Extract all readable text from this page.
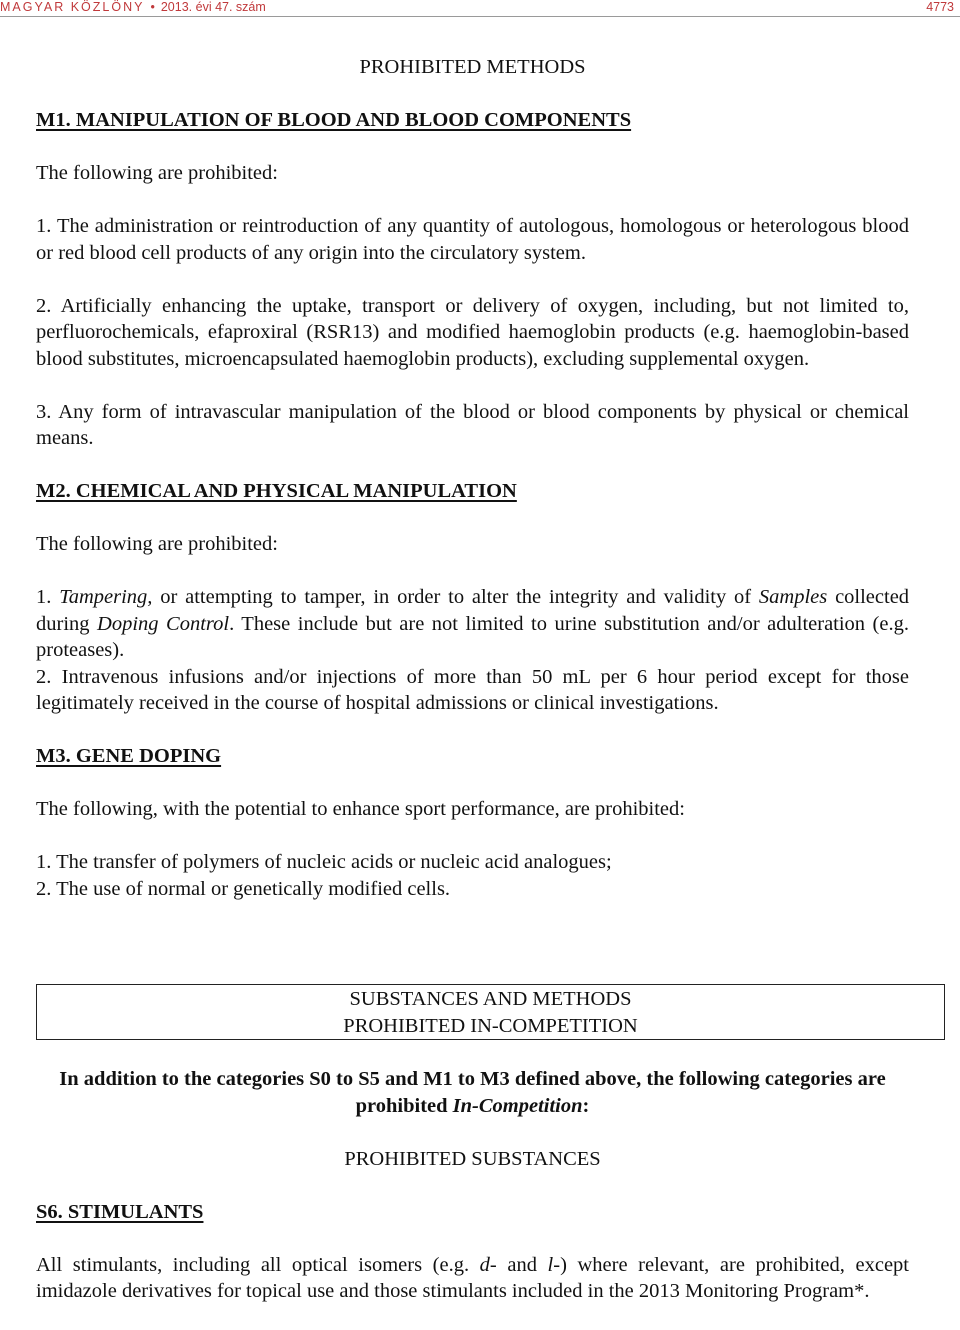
MAGYAR KÖZLÖNY • 2013. évi 47. szám	4773

PROHIBITED METHODS

M1. MANIPULATION OF BLOOD AND BLOOD COMPONENTS

The following are prohibited:

1. The administration or reintroduction of any quantity of autologous, homologous or heterologous blood or red blood cell products of any origin into the circulatory system.

2. Artificially enhancing the uptake, transport or delivery of oxygen, including, but not limited to, perfluorochemicals, efaproxiral (RSR13) and modified haemoglobin products (e.g. haemoglobin-based blood substitutes, microencapsulated haemoglobin products), excluding supplemental oxygen.

3. Any form of intravascular manipulation of the blood or blood components by physical or chemical means.

M2. CHEMICAL AND PHYSICAL MANIPULATION

The following are prohibited:

1. Tampering, or attempting to tamper, in order to alter the integrity and validity of Samples collected during Doping Control. These include but are not limited to urine substitution and/or adulteration (e.g. proteases).

2. Intravenous infusions and/or injections of more than 50 mL per 6 hour period except for those legitimately received in the course of hospital admissions or clinical investigations.

M3. GENE DOPING

The following, with the potential to enhance sport performance, are prohibited:

1. The transfer of polymers of nucleic acids or nucleic acid analogues;

2. The use of normal or genetically modified cells.

SUBSTANCES AND METHODS
PROHIBITED IN-COMPETITION

In addition to the categories S0 to S5 and M1 to M3 defined above, the following categories are prohibited In-Competition:

PROHIBITED SUBSTANCES

S6. STIMULANTS

All stimulants, including all optical isomers (e.g. d- and l-) where relevant, are prohibited, except imidazole derivatives for topical use and those stimulants included in the 2013 Monitoring Program*.
